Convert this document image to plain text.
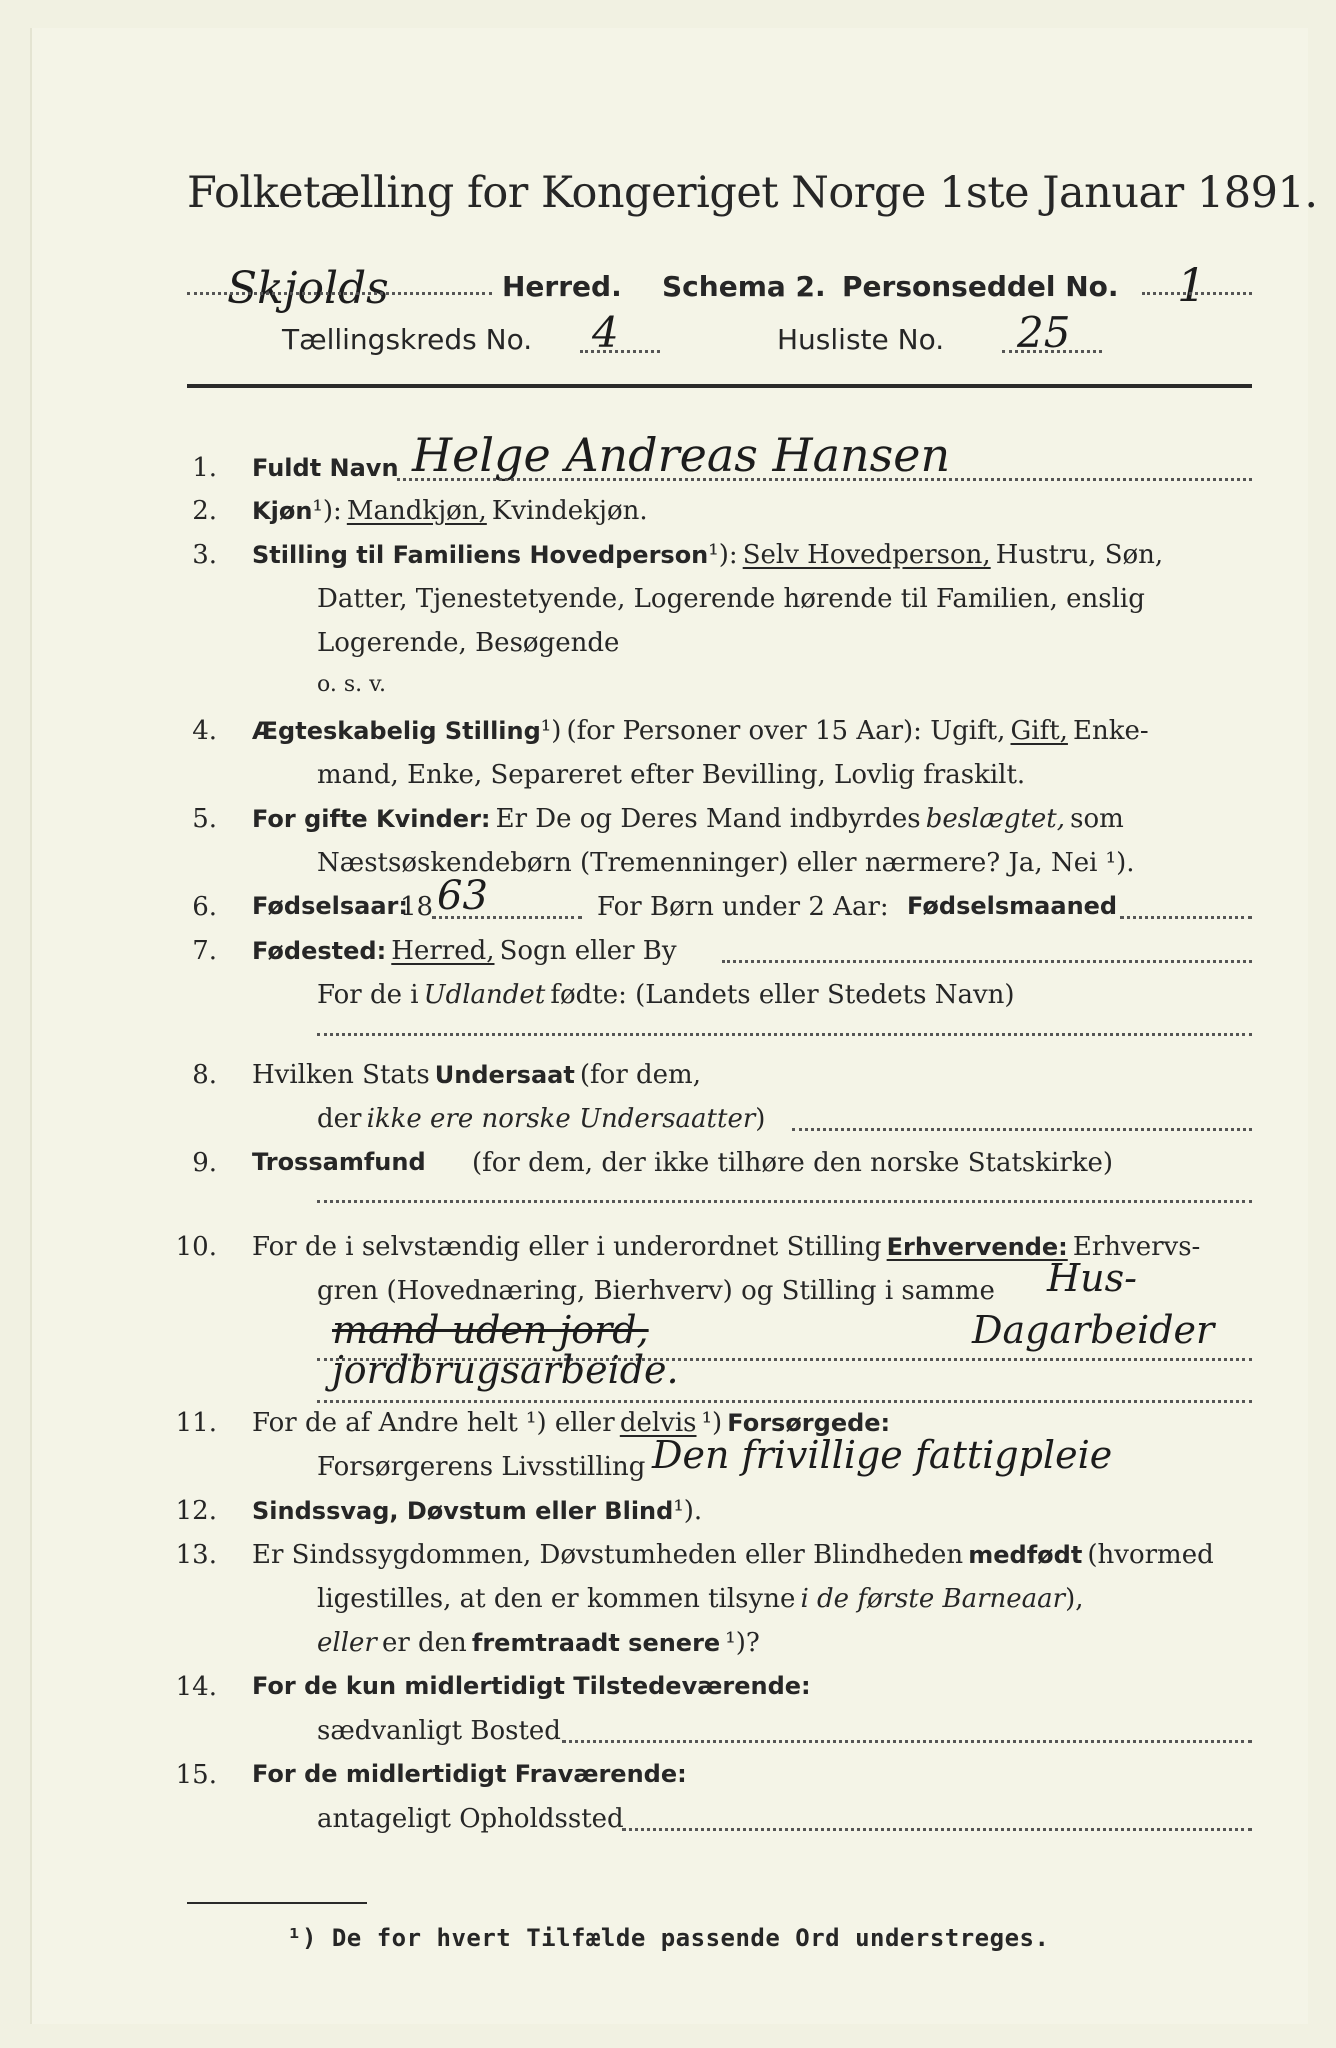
Folketælling for Kongeriget Norge 1ste Januar 1891.
Skjolds	Herred. Schema 2. Personseddel No. 1
Tællingskreds No. 4	Husliste No. 25
1. Fuldt Navn Helge Andreas Hansen
2. Kjøn¹): Mandkjøn, Kvindekjøn.
3. Stilling til Familiens Hovedperson¹): Selv Hovedperson, Hustru, Søn,
Datter, Tjenestetyende, Logerende hørende til Familien, enslig
Logerende, Besøgende
o. s. v.
4. Ægteskabelig Stilling¹) (for Personer over 15 Aar): Ugift, Gift, Enke-
mand, Enke, Separeret efter Bevilling, Lovlig fraskilt.
5. For gifte Kvinder: Er De og Deres Mand indbyrdes beslægtet, som
Næstsøskendebørn (Tremenninger) eller nærmere? Ja, Nei ¹).
6. Fødselsaar:
18 63	For Børn under 2 Aar: Fødselsmaaned
7. Fødested: Herred, Sogn eller By
For de i Udlandet fødte: (Landets eller Stedets Navn)
8. Hvilken Stats Undersaat (for dem,
der ikke ere norske Undersaatter)
9. Trossamfund (for dem, der ikke tilhøre den norske Statskirke)
10. For de i selvstændig eller i underordnet Stilling Erhvervende: Erhvervs-
gren (Hovednæring, Bierhverv) og Stilling i samme Hus-
mand uden jord,	Dagarbeider
jordbrugsarbeide.
11. For de af Andre helt ¹) eller delvis ¹) Forsørgede:
Forsørgerens Livsstilling Den frivillige fattigpleie
12. Sindssvag, Døvstum eller Blind¹).
13. Er Sindssygdommen, Døvstumheden eller Blindheden medfødt (hvormed
ligestilles, at den er kommen tilsyne i de første Barneaar),
eller er den fremtraadt senere ¹)?
14. For de kun midlertidigt Tilstedeværende:
sædvanligt Bosted
15. For de midlertidigt Fraværende:
antageligt Opholdssted
¹) De for hvert Tilfælde passende Ord understreges.
